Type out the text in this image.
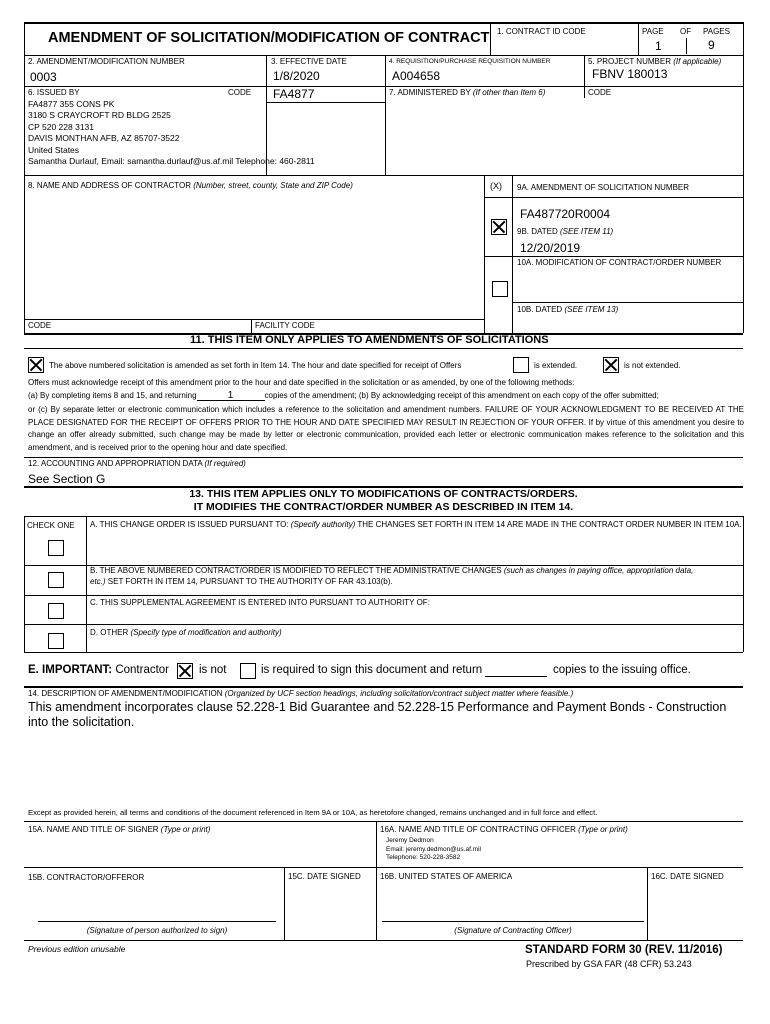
AMENDMENT OF SOLICITATION/MODIFICATION OF CONTRACT 1. CONTRACT ID CODE	PAGE OF PAGES
1	9
2. AMENDMENT/MODIFICATION NUMBER
0003
3. EFFECTIVE DATE
1/8/2020
4. REQUISITION/PURCHASE REQUISITION NUMBER
A004658
5. PROJECT NUMBER (If applicable)
FBNV 180013
6. ISSUED BY	CODE FA4877	7. ADMINISTERED BY (If other than Item 6)	CODE
FA4877 355 CONS PK
3180 S CRAYCROFT RD BLDG 2525
CP 520 228 3131
DAVIS MONTHAN AFB, AZ 85707-3522
United States
Samantha Durlauf, Email: samantha.durlauf@us.af.mil Telephone: 460-2811
8. NAME AND ADDRESS OF CONTRACTOR (Number, street, county, State and ZIP Code)	(X) 9A. AMENDMENT OF SOLICITATION NUMBER
FA487720R0004
9B. DATED (SEE ITEM 11)
12/20/2019
10A. MODIFICATION OF CONTRACT/ORDER NUMBER
10B. DATED (SEE ITEM 13)
CODE	FACILITY CODE
11. THIS ITEM ONLY APPLIES TO AMENDMENTS OF SOLICITATIONS
The above numbered solicitation is amended as set forth in Item 14. The hour and date specified for receipt of Offers	is extended.	is not extended.
Offers must acknowledge receipt of this amendment prior to the hour and date specified in the solicitation or as amended, by one of the following methods:
(a) By completing items 8 and 15, and returning	1	copies of the amendment; (b) By acknowledging receipt of this amendment on each copy of the offer submitted;
or (c) By separate letter or electronic communication which includes a reference to the solicitation and amendment numbers. FAILURE OF YOUR ACKNOWLEDGMENT TO BE RECEIVED AT THE PLACE DESIGNATED FOR THE RECEIPT OF OFFERS PRIOR TO THE HOUR AND DATE SPECIFIED MAY RESULT IN REJECTION OF YOUR OFFER. If by virtue of this amendment you desire to change an offer already submitted, such change may be made by letter or electronic communication, provided each letter or electronic communication makes reference to the solicitation and this amendment, and is received prior to the opening hour and date specified.
12. ACCOUNTING AND APPROPRIATION DATA (If required)
See Section G
13. THIS ITEM APPLIES ONLY TO MODIFICATIONS OF CONTRACTS/ORDERS.
IT MODIFIES THE CONTRACT/ORDER NUMBER AS DESCRIBED IN ITEM 14.
CHECK ONE A. THIS CHANGE ORDER IS ISSUED PURSUANT TO: (Specify authority) THE CHANGES SET FORTH IN ITEM 14 ARE MADE IN THE CONTRACT ORDER NUMBER IN ITEM 10A.
B. THE ABOVE NUMBERED CONTRACT/ORDER IS MODIFIED TO REFLECT THE ADMINISTRATIVE CHANGES (such as changes in paying office, appropriation data, etc.) SET FORTH IN ITEM 14, PURSUANT TO THE AUTHORITY OF FAR 43.103(b).
C. THIS SUPPLEMENTAL AGREEMENT IS ENTERED INTO PURSUANT TO AUTHORITY OF:
D. OTHER (Specify type of modification and authority)
E. IMPORTANT: Contractor	is not	is required to sign this document and return	copies to the issuing office.
14. DESCRIPTION OF AMENDMENT/MODIFICATION (Organized by UCF section headings, including solicitation/contract subject matter where feasible.)
This amendment incorporates clause 52.228-1 Bid Guarantee and 52.228-15 Performance and Payment Bonds - Construction into the solicitation.
Except as provided herein, all terms and conditions of the document referenced in Item 9A or 10A, as heretofore changed, remains unchanged and in full force and effect.
15A. NAME AND TITLE OF SIGNER (Type or print)	16A. NAME AND TITLE OF CONTRACTING OFFICER (Type or print)
Jeremy Dedmon
Email: jeremy.dedmon@us.af.mil
Telephone: 520-228-3582
15B. CONTRACTOR/OFFEROR	15C. DATE SIGNED 16B. UNITED STATES OF AMERICA	16C. DATE SIGNED
(Signature of person authorized to sign)	(Signature of Contracting Officer)
Previous edition unusable	STANDARD FORM 30 (REV. 11/2016)
Prescribed by GSA FAR (48 CFR) 53.243
